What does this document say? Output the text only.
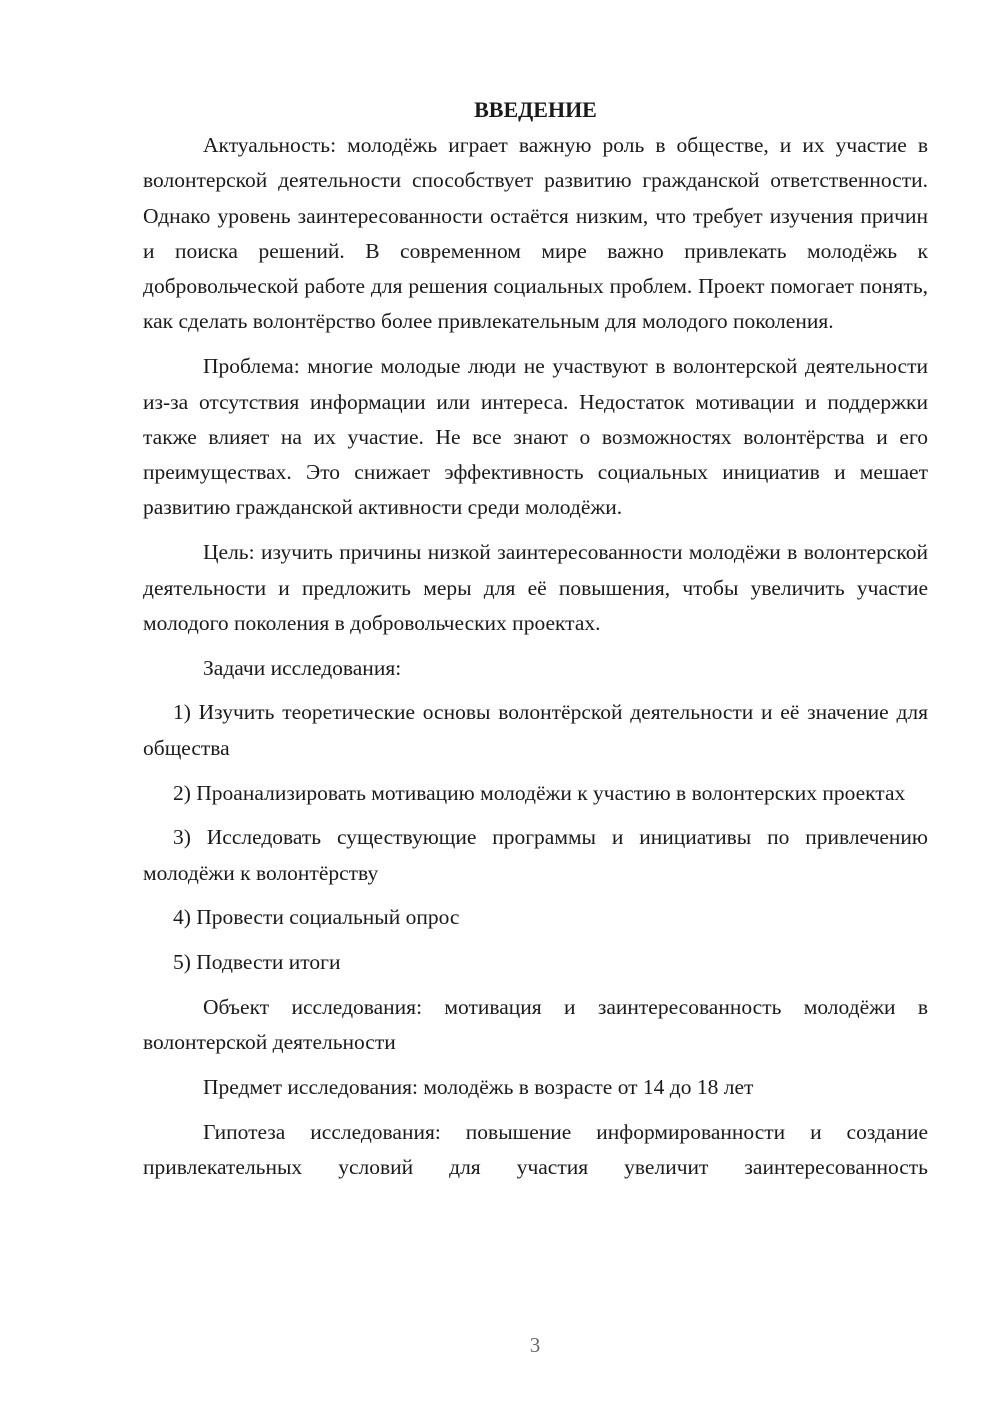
ВВЕДЕНИЕ

Актуальность: молодёжь играет важную роль в обществе, и их участие в волонтерской деятельности способствует развитию гражданской ответственности. Однако уровень заинтересованности остаётся низким, что требует изучения причин и поиска решений. В современном мире важно привлекать молодёжь к добровольческой работе для решения социальных проблем. Проект помогает понять, как сделать волонтёрство более привлекательным для молодого поколения.

Проблема: многие молодые люди не участвуют в волонтерской деятельности из-за отсутствия информации или интереса. Недостаток мотивации и поддержки также влияет на их участие. Не все знают о возможностях волонтёрства и его преимуществах. Это снижает эффективность социальных инициатив и мешает развитию гражданской активности среди молодёжи.

Цель: изучить причины низкой заинтересованности молодёжи в волонтерской деятельности и предложить меры для её повышения, чтобы увеличить участие молодого поколения в добровольческих проектах.

Задачи исследования:

1) Изучить теоретические основы волонтёрской деятельности и её значение для общества

2) Проанализировать мотивацию молодёжи к участию в волонтерских проектах

3) Исследовать существующие программы и инициативы по привлечению молодёжи к волонтёрству

4) Провести социальный опрос

5) Подвести итоги

Объект исследования: мотивация и заинтересованность молодёжи в волонтерской деятельности

Предмет исследования: молодёжь в возрасте от 14 до 18 лет

Гипотеза исследования: повышение информированности и создание привлекательных условий для участия увеличит заинтересованность

3
